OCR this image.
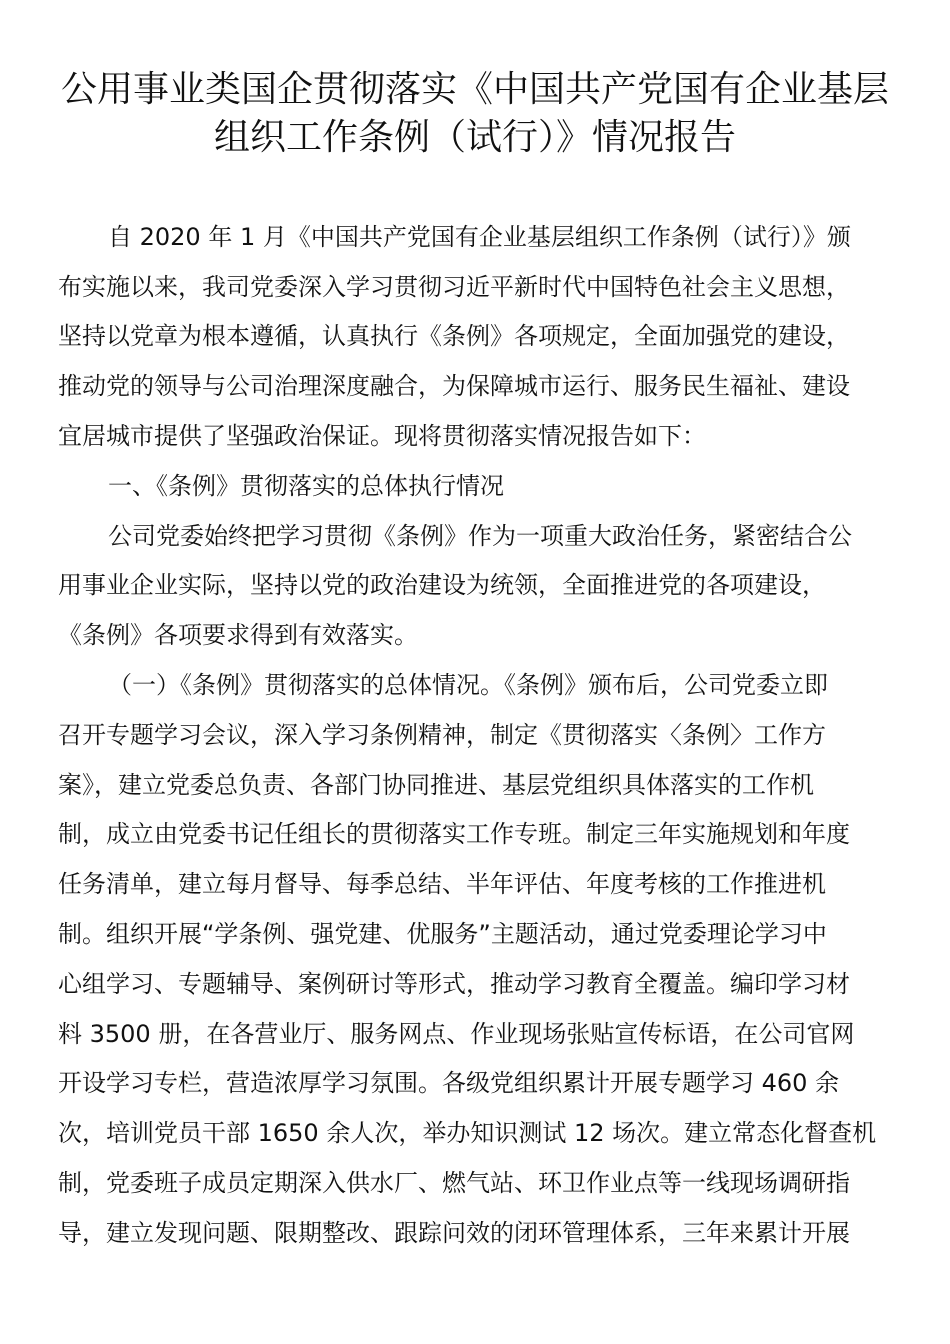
公用事业类国企贯彻落实《中国共产党国有企业基层
组织工作条例（试行）》情况报告
自 2020 年 1 月《中国共产党国有企业基层组织工作条例（试行）》颁
布实施以来，我司党委深入学习贯彻习近平新时代中国特色社会主义思想，
坚持以党章为根本遵循，认真执行《条例》各项规定，全面加强党的建设，
推动党的领导与公司治理深度融合，为保障城市运行、服务民生福祉、建设
宜居城市提供了坚强政治保证。现将贯彻落实情况报告如下：
一、《条例》贯彻落实的总体执行情况
公司党委始终把学习贯彻《条例》作为一项重大政治任务，紧密结合公
用事业企业实际，坚持以党的政治建设为统领，全面推进党的各项建设，
《条例》各项要求得到有效落实。
（一）《条例》贯彻落实的总体情况。《条例》颁布后，公司党委立即
召开专题学习会议，深入学习条例精神，制定《贯彻落实〈条例〉工作方
案》，建立党委总负责、各部门协同推进、基层党组织具体落实的工作机
制，成立由党委书记任组长的贯彻落实工作专班。制定三年实施规划和年度
任务清单，建立每月督导、每季总结、半年评估、年度考核的工作推进机
制。组织开展“学条例、强党建、优服务”主题活动，通过党委理论学习中
心组学习、专题辅导、案例研讨等形式，推动学习教育全覆盖。编印学习材
料 3500 册，在各营业厅、服务网点、作业现场张贴宣传标语，在公司官网
开设学习专栏，营造浓厚学习氛围。各级党组织累计开展专题学习 460 余
次，培训党员干部 1650 余人次，举办知识测试 12 场次。建立常态化督查机
制，党委班子成员定期深入供水厂、燃气站、环卫作业点等一线现场调研指
导，建立发现问题、限期整改、跟踪问效的闭环管理体系，三年来累计开展
